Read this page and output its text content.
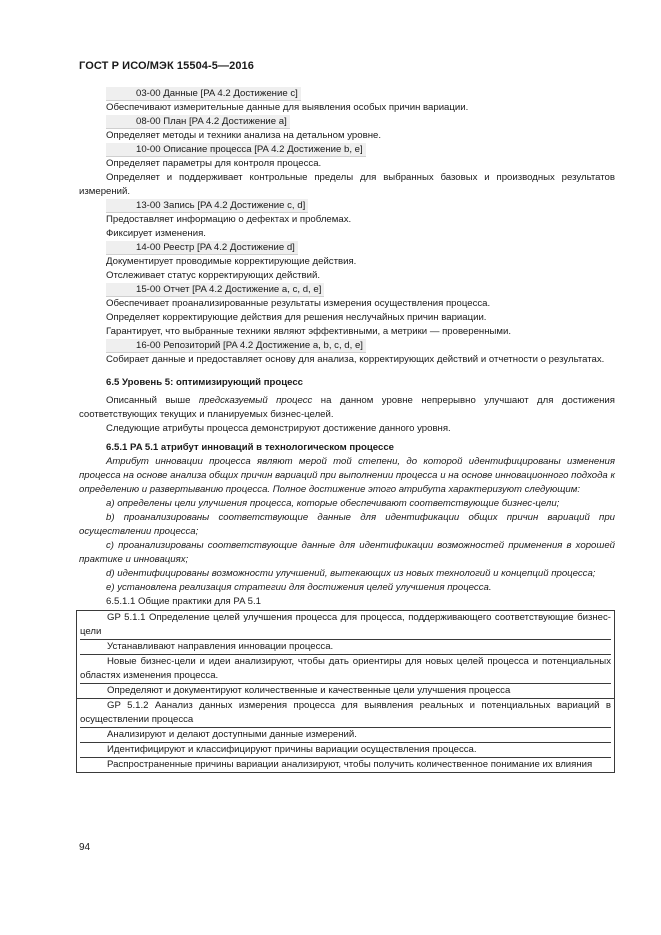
ГОСТ Р ИСО/МЭК 15504-5—2016
03-00 Данные [PA 4.2 Достижение c]
Обеспечивают измерительные данные для выявления особых причин вариации.
08-00 План [PA 4.2 Достижение a]
Определяет методы и техники анализа на детальном уровне.
10-00 Описание процесса [PA 4.2 Достижение b, e]
Определяет параметры для контроля процесса.
Определяет и поддерживает контрольные пределы для выбранных базовых и производных результатов измерений.
13-00 Запись [PA 4.2 Достижение c, d]
Предоставляет информацию о дефектах и проблемах.
Фиксирует изменения.
14-00 Реестр [PA 4.2 Достижение d]
Документирует проводимые корректирующие действия.
Отслеживает статус корректирующих действий.
15-00 Отчет [PA 4.2 Достижение a, c, d, e]
Обеспечивает проанализированные результаты измерения осуществления процесса.
Определяет корректирующие действия для решения неслучайных причин вариации.
Гарантирует, что выбранные техники являют эффективными, а метрики — проверенными.
16-00 Репозиторий [PA 4.2 Достижение a, b, c, d, e]
Собирает данные и предоставляет основу для анализа, корректирующих действий и отчетности о результатах.
6.5 Уровень 5: оптимизирующий процесс
Описанный выше предсказуемый процесс на данном уровне непрерывно улучшают для достижения соответствующих текущих и планируемых бизнес-целей.
Следующие атрибуты процесса демонстрируют достижение данного уровня.
6.5.1 PA 5.1 атрибут инноваций в технологическом процессе
Атрибут инновации процесса являют мерой той степени, до которой идентифицированы изменения процесса на основе анализа общих причин вариаций при выполнении процесса и на основе инновационного подхода к определению и развертыванию процесса. Полное достижение этого атрибута характеризуют следующим:
а) определены цели улучшения процесса, которые обеспечивают соответствующие бизнес-цели;
b) проанализированы соответствующие данные для идентификации общих причин вариаций при осуществлении процесса;
c) проанализированы соответствующие данные для идентификации возможностей применения в хорошей практике и инновациях;
d) идентифицированы возможности улучшений, вытекающих из новых технологий и концепций процесса;
e) установлена реализация стратегии для достижения целей улучшения процесса.
6.5.1.1 Общие практики для PA 5.1
GP 5.1.1 Определение целей улучшения процесса для процесса, поддерживающего соответствующие бизнес-цели
Устанавливают направления инновации процесса.
Новые бизнес-цели и идеи анализируют, чтобы дать ориентиры для новых целей процесса и потенциальных областях изменения процесса.
Определяют и документируют количественные и качественные цели улучшения процесса
GP 5.1.2 Аанализ данных измерения процесса для выявления реальных и потенциальных вариаций в осуществлении процесса
Анализируют и делают доступными данные измерений.
Идентифицируют и классифицируют причины вариации осуществления процесса.
Распространенные причины вариации анализируют, чтобы получить количественное понимание их влияния
94
